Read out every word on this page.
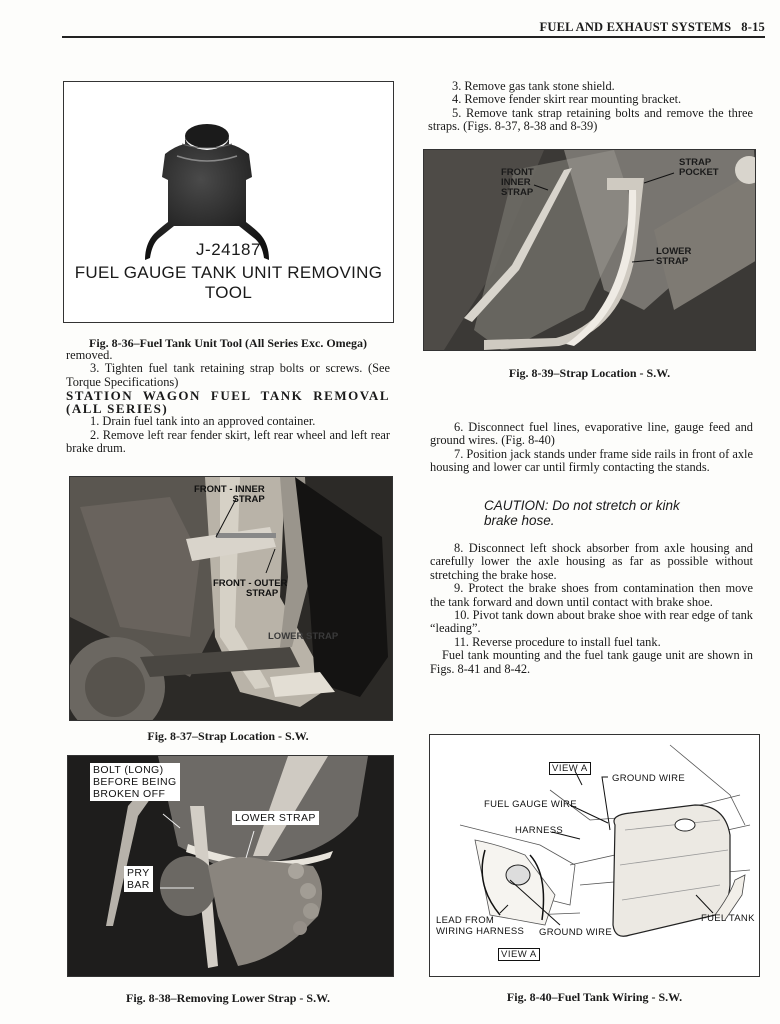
FUEL AND EXHAUST SYSTEMS 8-15
J-24187
FUEL GAUGE TANK UNIT REMOVING TOOL
Fig. 8-36–Fuel Tank Unit Tool (All Series Exc. Omega)

removed.

3. Tighten fuel tank retaining strap bolts or screws. (See Torque Specifications)

STATION WAGON FUEL TANK REMOVAL (ALL SERIES)

1. Drain fuel tank into an approved container.

2. Remove left rear fender skirt, left rear wheel and left rear brake drum.

FRONT - INNER
STRAP
FRONT - OUTER
STRAP
LOWER STRAP
Fig. 8-37–Strap Location - S.W.
BOLT (LONG)
BEFORE BEING
BROKEN OFF
LOWER STRAP
PRY
BAR
Fig. 8-38–Removing Lower Strap - S.W.

3. Remove gas tank stone shield.

4. Remove fender skirt rear mounting bracket.

5. Remove tank strap retaining bolts and remove the three straps. (Figs. 8-37, 8-38 and 8-39)

FRONT
INNER
STRAP
STRAP
POCKET
LOWER
STRAP
Fig. 8-39–Strap Location - S.W.

6. Disconnect fuel lines, evaporative line, gauge feed and ground wires. (Fig. 8-40)

7. Position jack stands under frame side rails in front of axle housing and lower car until firmly contacting the stands.

CAUTION: Do not stretch or kink
brake hose.

8. Disconnect left shock absorber from axle housing and carefully lower the axle housing as far as possible without stretching the brake hose.

9. Protect the brake shoes from contamination then move the tank forward and down until contact with brake shoe.

10. Pivot tank down about brake shoe with rear edge of tank “leading”.

11. Reverse procedure to install fuel tank.

Fuel tank mounting and the fuel tank gauge unit are shown in Figs. 8-41 and 8-42.

VIEW A
GROUND WIRE
FUEL GAUGE WIRE
HARNESS
LEAD FROM
WIRING HARNESS GROUND WIRE
FUEL TANK
VIEW A
Fig. 8-40–Fuel Tank Wiring - S.W.
